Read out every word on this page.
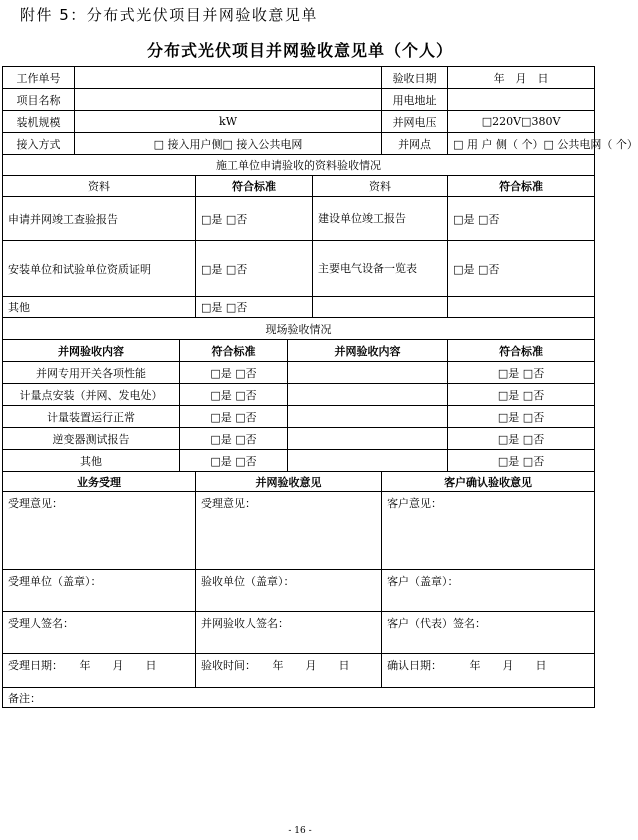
附件 5：分布式光伏项目并网验收意见单
分布式光伏项目并网验收意见单（个人）
工作单号						验收日期	年　月　日
项目名称						用电地址	
装机规模	kW					并网电压	□220V□380V
接入方式	□ 接入用户侧□ 接入公共电网					并网点	□ 用 户 侧（ 个）□ 公共电网（ 个）
施工单位申请验收的资料验收情况							
资料			符合标准		资料		符合标准
申请并网竣工查验报告			□是 □否		建设单位竣工报告		□是 □否
安装单位和试验单位资质证明			□是 □否		主要电气设备一览表		□是 □否
其他			□是 □否				
现场验收情况							
并网验收内容		符合标准		并网验收内容			符合标准
并网专用开关各项性能		□是 □否					□是 □否
计量点安装（并网、发电处）		□是 □否					□是 □否
计量装置运行正常		□是 □否					□是 □否
逆变器测试报告		□是 □否					□是 □否
其他		□是 □否					□是 □否
业务受理			并网验收意见			客户确认验收意见	
受理意见：			受理意见：			客户意见：	
受理单位（盖章）：			验收单位（盖章）：			客户（盖章）：	
受理人签名：			并网验收人签名：			客户（代表）签名：	
受理日期：　　年　　月　　日			验收时间：　　年　　月　　日			确认日期：　　　年　　月　　日	
备注：							
- 16 -
